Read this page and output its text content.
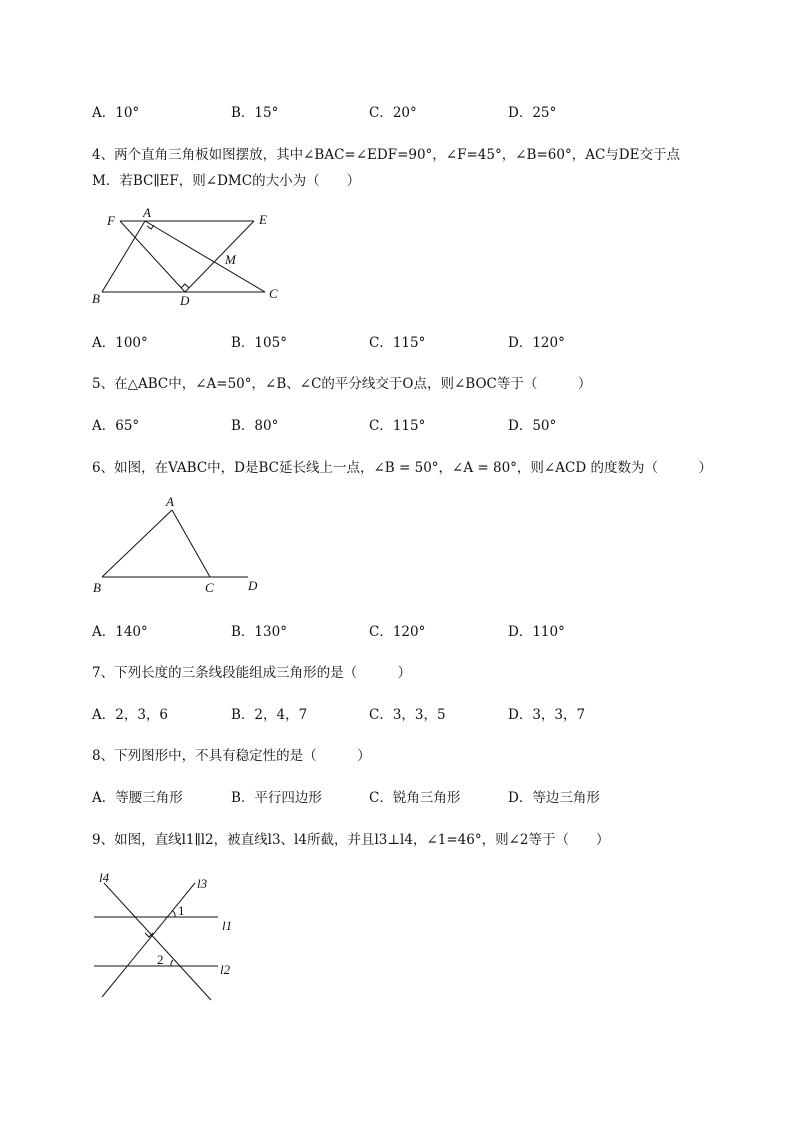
A．10°	B．15°	C．20°	D．25°
4、两个直角三角板如图摆放，其中∠BAC=∠EDF=90°，∠F=45°，∠B=60°，AC与DE交于点
M．若BC∥EF，则∠DMC的大小为（　　）
F
A	E
M
B	D	C
A．100°	B．105°	C．115°	D．120°
5、在△ABC中，∠A=50°，∠B、∠C的平分线交于O点，则∠BOC等于（　　　）
A．65°	B．80°	C．115°	D．50°
6、如图，在VABC中，D是BC延长线上一点，∠B = 50°，∠A = 80°，则∠ACD 的度数为（　　　）
A
B	C	D
A．140°	B．130°	C．120°	D．110°
7、下列长度的三条线段能组成三角形的是（　　　）
A．2，3，6	B．2，4，7	C．3，3，5	D．3，3，7
8、下列图形中，不具有稳定性的是（　　　）
A．等腰三角形	B．平行四边形	C．锐角三角形	D．等边三角形
9、如图，直线l1∥l2，被直线l3、l4所截，并且l3⊥l4，∠1=46°，则∠2等于（　　）
l4	l3
1
l1
2
l2
